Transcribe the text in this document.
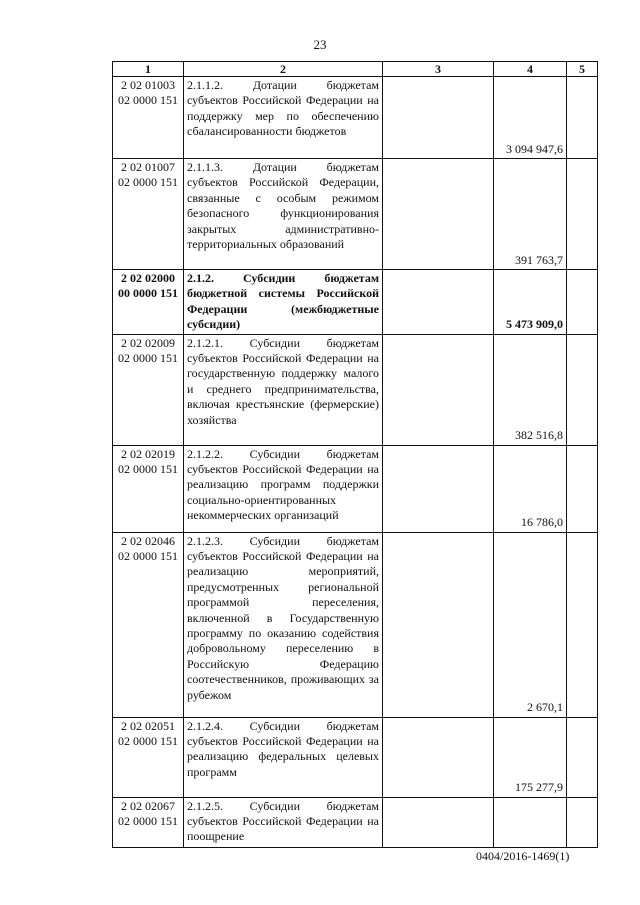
23
1	2	3	4	5
2 02 01003
02 0000 151	2.1.1.2. Дотации бюджетам субъектов Российской Федерации на поддержку мер по обеспечению сбалансированности бюджетов		3 094 947,6	
2 02 01007
02 0000 151	2.1.1.3. Дотации бюджетам субъектов Российской Федерации, связанные с особым режимом безопасного функционирования закрытых административно-территориальных образований		391 763,7	
2 02 02000
00 0000 151	2.1.2. Субсидии бюджетам бюджетной системы Российской Федерации (межбюджетные субсидии)		5 473 909,0	
2 02 02009
02 0000 151	2.1.2.1. Субсидии бюджетам субъектов Российской Федерации на государственную поддержку малого и среднего предпринимательства, включая крестьянские (фермерские) хозяйства		382 516,8	
2 02 02019
02 0000 151	2.1.2.2. Субсидии бюджетам субъектов Российской Федерации на реализацию программ поддержки социально-ориентированных некоммерческих организаций		16 786,0	
2 02 02046
02 0000 151	2.1.2.3. Субсидии бюджетам субъектов Российской Федерации на реализацию мероприятий, предусмотренных региональной программой переселения, включенной в Государственную программу по оказанию содействия добровольному переселению в Российскую Федерацию соотечественников, проживающих за рубежом		2 670,1	
2 02 02051
02 0000 151	2.1.2.4. Субсидии бюджетам субъектов Российской Федерации на реализацию федеральных целевых программ		175 277,9	
2 02 02067
02 0000 151	2.1.2.5. Субсидии бюджетам субъектов Российской Федерации на поощрение			
0404/2016-1469(1)
